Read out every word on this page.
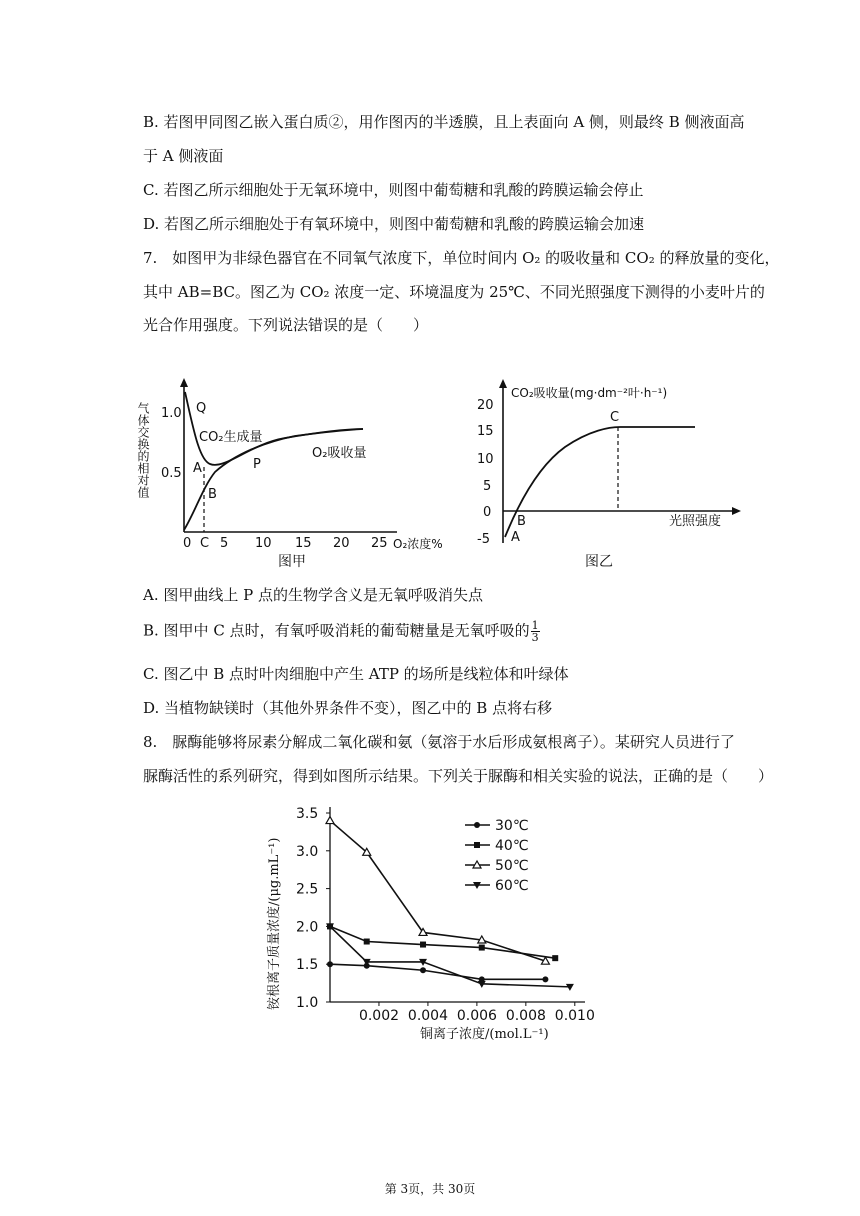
B. 若图甲同图乙嵌入蛋白质②，用作图丙的半透膜，且上表面向 A 侧，则最终 B 侧液面高
于 A 侧液面
C. 若图乙所示细胞处于无氧环境中，则图中葡萄糖和乳酸的跨膜运输会停止
D. 若图乙所示细胞处于有氧环境中，则图中葡萄糖和乳酸的跨膜运输会加速
7.　如图甲为非绿色器官在不同氧气浓度下，单位时间内 O₂ 的吸收量和 CO₂ 的释放量的变化，
其中 AB=BC。图乙为 CO₂ 浓度一定、环境温度为 25℃、不同光照强度下测得的小麦叶片的
光合作用强度。下列说法错误的是（　　）
气体交换的相对值 1.0
0.5
0 C 5 10 15 20 25 O₂浓度%
Q
A
B
P
CO₂生成量
O₂吸收量
图甲
CO₂吸收量(mg·dm⁻²叶·h⁻¹)
20
15
10
5
0
-5 A
B
C
光照强度
图乙
A. 图甲曲线上 P 点的生物学含义是无氧呼吸消失点
B. 图甲中 C 点时，有氧呼吸消耗的葡萄糖量是无氧呼吸的 $\frac{1}{3}$
C. 图乙中 B 点时叶肉细胞中产生 ATP 的场所是线粒体和叶绿体
D. 当植物缺镁时（其他外界条件不变），图乙中的 B 点将右移
8.　脲酶能够将尿素分解成二氧化碳和氨（氨溶于水后形成氨根离子）。某研究人员进行了
脲酶活性的系列研究，得到如图所示结果。下列关于脲酶和相关实验的说法，正确的是（　　）
铵根离子质量浓度/(μg.mL⁻¹) 1.0
1.5
2.0
2.5
3.0
3.5
0.002 0.004 0.006 0.008 0.010
30℃
40℃
50℃
60℃
铜离子浓度/(mol.L⁻¹)
第 3页，共 30页
